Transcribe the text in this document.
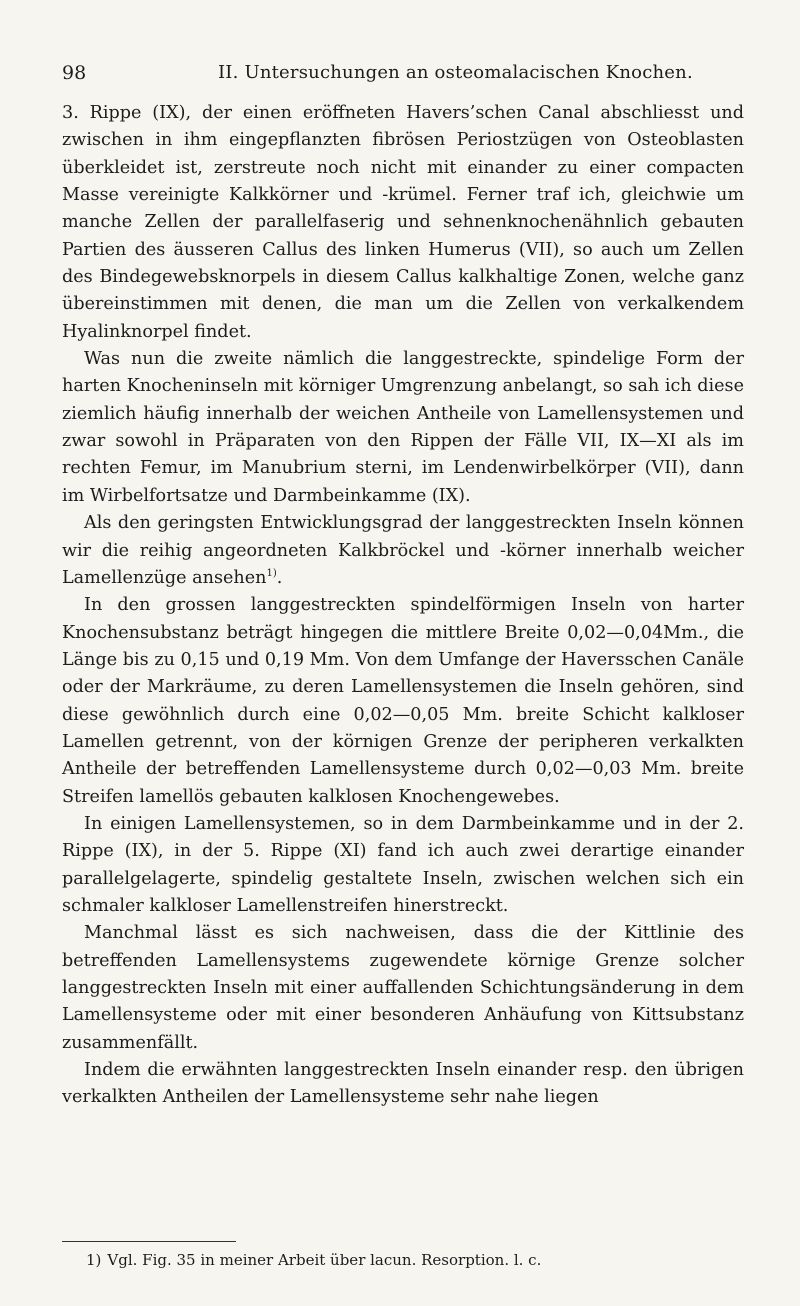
98	II. Untersuchungen an osteomalacischen Knochen.

3. Rippe (IX), der einen eröffneten Havers’schen Canal abschliesst und zwischen in ihm eingepflanzten fibrösen Periostzügen von Osteoblasten überkleidet ist, zerstreute noch nicht mit einander zu einer compacten Masse vereinigte Kalkkörner und -krümel. Ferner traf ich, gleichwie um manche Zellen der parallelfaserig und sehnenknochenähnlich gebauten Partien des äusseren Callus des linken Humerus (VII), so auch um Zellen des Bindegewebsknorpels in diesem Callus kalkhaltige Zonen, welche ganz übereinstimmen mit denen, die man um die Zellen von verkalkendem Hyalinknorpel findet.

Was nun die zweite nämlich die langgestreckte, spindelige Form der harten Knocheninseln mit körniger Umgrenzung anbelangt, so sah ich diese ziemlich häufig innerhalb der weichen Antheile von Lamellensystemen und zwar sowohl in Präparaten von den Rippen der Fälle VII, IX—XI als im rechten Femur, im Manubrium sterni, im Lendenwirbelkörper (VII), dann im Wirbelfortsatze und Darmbeinkamme (IX).

Als den geringsten Entwicklungsgrad der langgestreckten Inseln können wir die reihig angeordneten Kalkbröckel und -körner innerhalb weicher Lamellenzüge ansehen$^{1)}$.

In den grossen langgestreckten spindelförmigen Inseln von harter Knochensubstanz beträgt hingegen die mittlere Breite 0,02—0,04Mm., die Länge bis zu 0,15 und 0,19 Mm. Von dem Umfange der Haversschen Canäle oder der Markräume, zu deren Lamellensystemen die Inseln gehören, sind diese gewöhnlich durch eine 0,02—0,05 Mm. breite Schicht kalkloser Lamellen getrennt, von der körnigen Grenze der peripheren verkalkten Antheile der betreffenden Lamellensysteme durch 0,02—0,03 Mm. breite Streifen lamellös gebauten kalklosen Knochengewebes.

In einigen Lamellensystemen, so in dem Darmbeinkamme und in der 2. Rippe (IX), in der 5. Rippe (XI) fand ich auch zwei derartige einander parallelgelagerte, spindelig gestaltete Inseln, zwischen welchen sich ein schmaler kalkloser Lamellenstreifen hinerstreckt.

Manchmal lässt es sich nachweisen, dass die der Kittlinie des betreffenden Lamellensystems zugewendete körnige Grenze solcher langgestreckten Inseln mit einer auffallenden Schichtungsänderung in dem Lamellensysteme oder mit einer besonderen Anhäufung von Kittsubstanz zusammenfällt.

Indem die erwähnten langgestreckten Inseln einander resp. den übrigen verkalkten Antheilen der Lamellensysteme sehr nahe liegen

1) Vgl. Fig. 35 in meiner Arbeit über lacun. Resorption. l. c.
